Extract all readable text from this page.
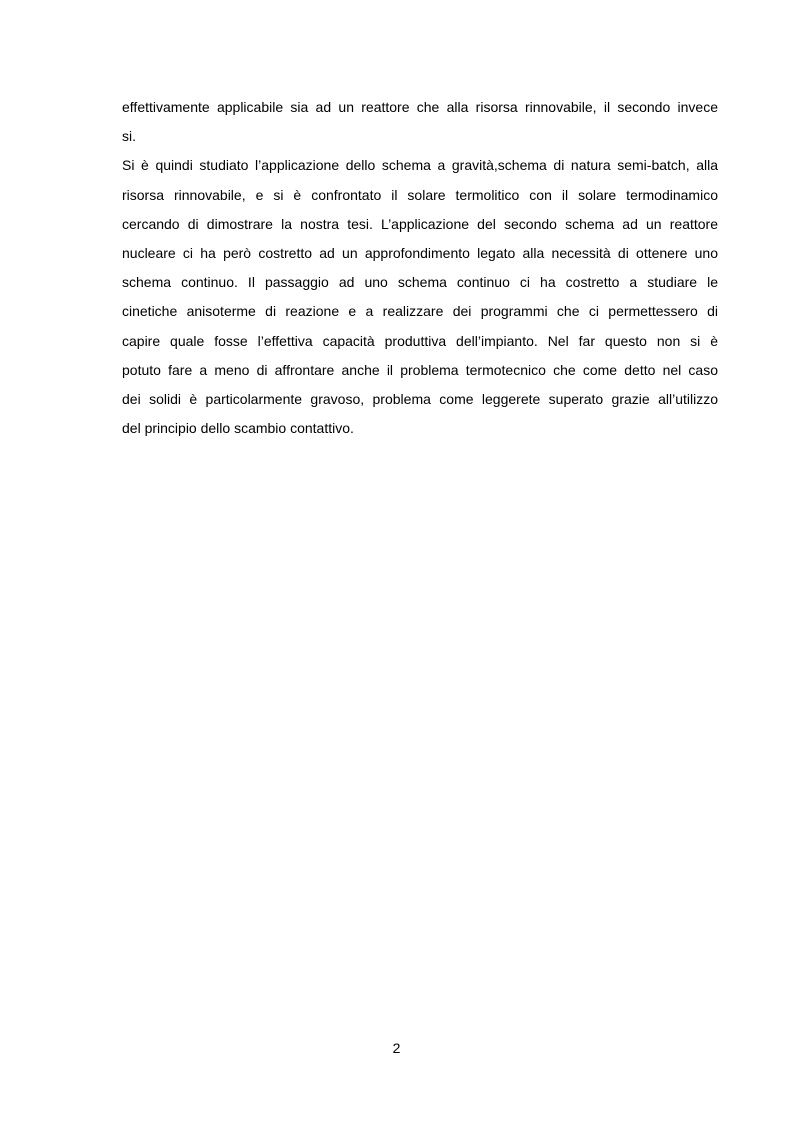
effettivamente applicabile sia ad un reattore che alla risorsa rinnovabile, il secondo invece
si.
Si è quindi studiato l’applicazione dello schema a gravità,schema di natura semi-batch, alla
risorsa rinnovabile, e si è confrontato il solare termolitico con il solare termodinamico
cercando di dimostrare la nostra tesi. L’applicazione del secondo schema ad un reattore
nucleare ci ha però costretto ad un approfondimento legato alla necessità di ottenere uno
schema continuo. Il passaggio ad uno schema continuo ci ha costretto a studiare le
cinetiche anisoterme di reazione e a realizzare dei programmi che ci permettessero di
capire quale fosse l’effettiva capacità produttiva dell’impianto. Nel far questo non si è
potuto fare a meno di affrontare anche il problema termotecnico che come detto nel caso
dei solidi è particolarmente gravoso, problema come leggerete superato grazie all’utilizzo
del principio dello scambio contattivo.
2
